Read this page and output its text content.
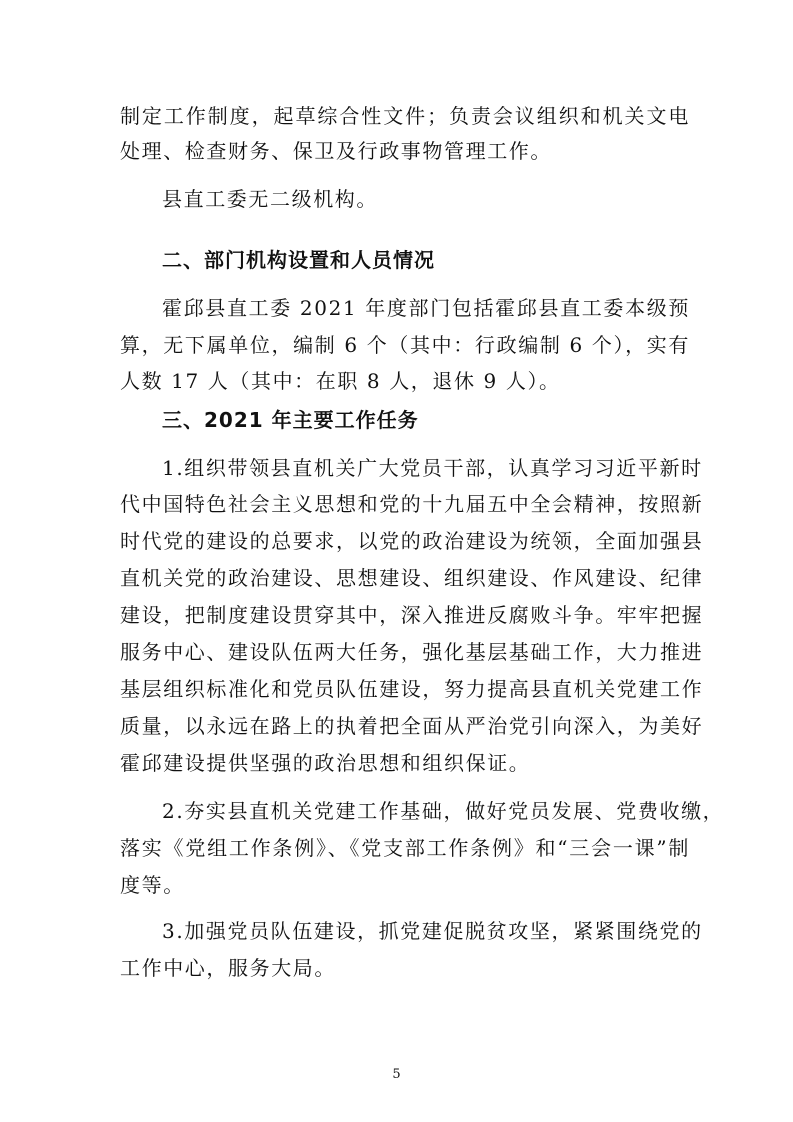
制定工作制度，起草综合性文件；负责会议组织和机关文电
处理、检查财务、保卫及行政事物管理工作。
县直工委无二级机构。
二、部门机构设置和人员情况
霍邱县直工委 2021 年度部门包括霍邱县直工委本级预
算，无下属单位，编制 6 个（其中：行政编制 6 个），实有
人数 17 人（其中：在职 8 人，退休 9 人）。
三、2021 年主要工作任务
1.组织带领县直机关广大党员干部，认真学习习近平新时
代中国特色社会主义思想和党的十九届五中全会精神，按照新
时代党的建设的总要求，以党的政治建设为统领，全面加强县
直机关党的政治建设、思想建设、组织建设、作风建设、纪律
建设，把制度建设贯穿其中，深入推进反腐败斗争。牢牢把握
服务中心、建设队伍两大任务，强化基层基础工作，大力推进
基层组织标准化和党员队伍建设，努力提高县直机关党建工作
质量，以永远在路上的执着把全面从严治党引向深入，为美好
霍邱建设提供坚强的政治思想和组织保证。
2.夯实县直机关党建工作基础，做好党员发展、党费收缴，
落实《党组工作条例》、《党支部工作条例》和“三会一课”制
度等。
3.加强党员队伍建设，抓党建促脱贫攻坚，紧紧围绕党的
工作中心，服务大局。
5
